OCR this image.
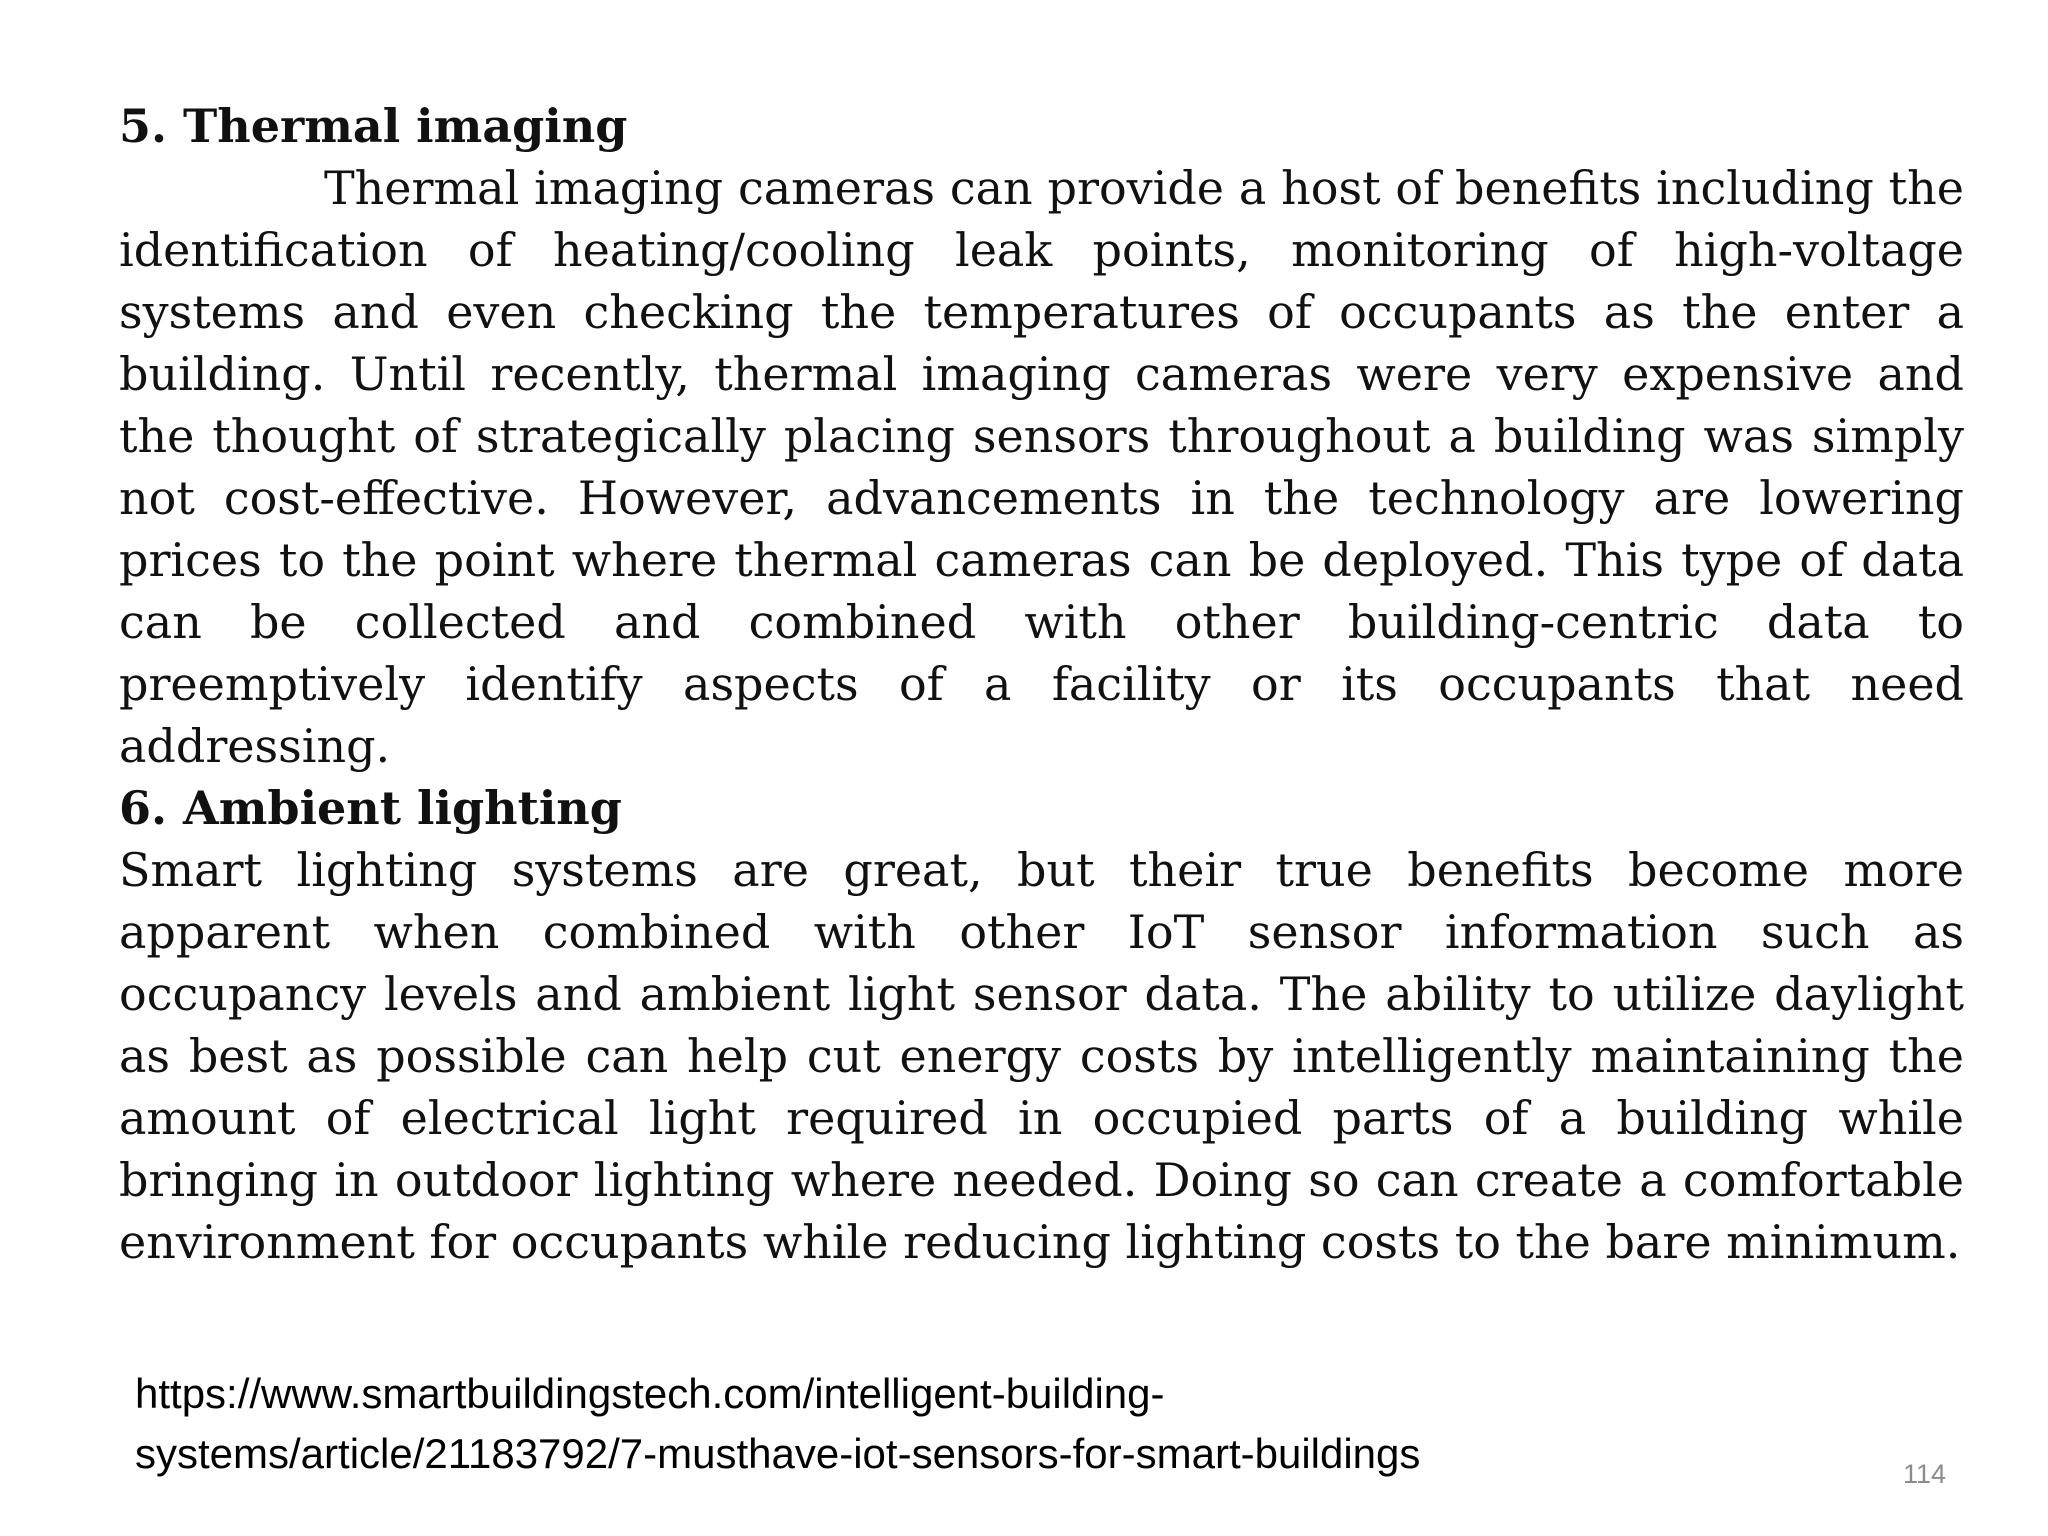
5. Thermal imaging

Thermal imaging cameras can provide a host of benefits including the identification of heating/cooling leak points, monitoring of high-voltage systems and even checking the temperatures of occupants as the enter a building. Until recently, thermal imaging cameras were very expensive and the thought of strategically placing sensors throughout a building was simply not cost-effective. However, advancements in the technology are lowering prices to the point where thermal cameras can be deployed. This type of data can be collected and combined with other building-centric data to preemptively identify aspects of a facility or its occupants that need addressing.

6. Ambient lighting

Smart lighting systems are great, but their true benefits become more apparent when combined with other IoT sensor information such as occupancy levels and ambient light sensor data. The ability to utilize daylight as best as possible can help cut energy costs by intelligently maintaining the amount of electrical light required in occupied parts of a building while bringing in outdoor lighting where needed. Doing so can create a comfortable environment for occupants while reducing lighting costs to the bare minimum.

https://www.smartbuildingstech.com/intelligent-building-
systems/article/21183792/7-musthave-iot-sensors-for-smart-buildings	114
